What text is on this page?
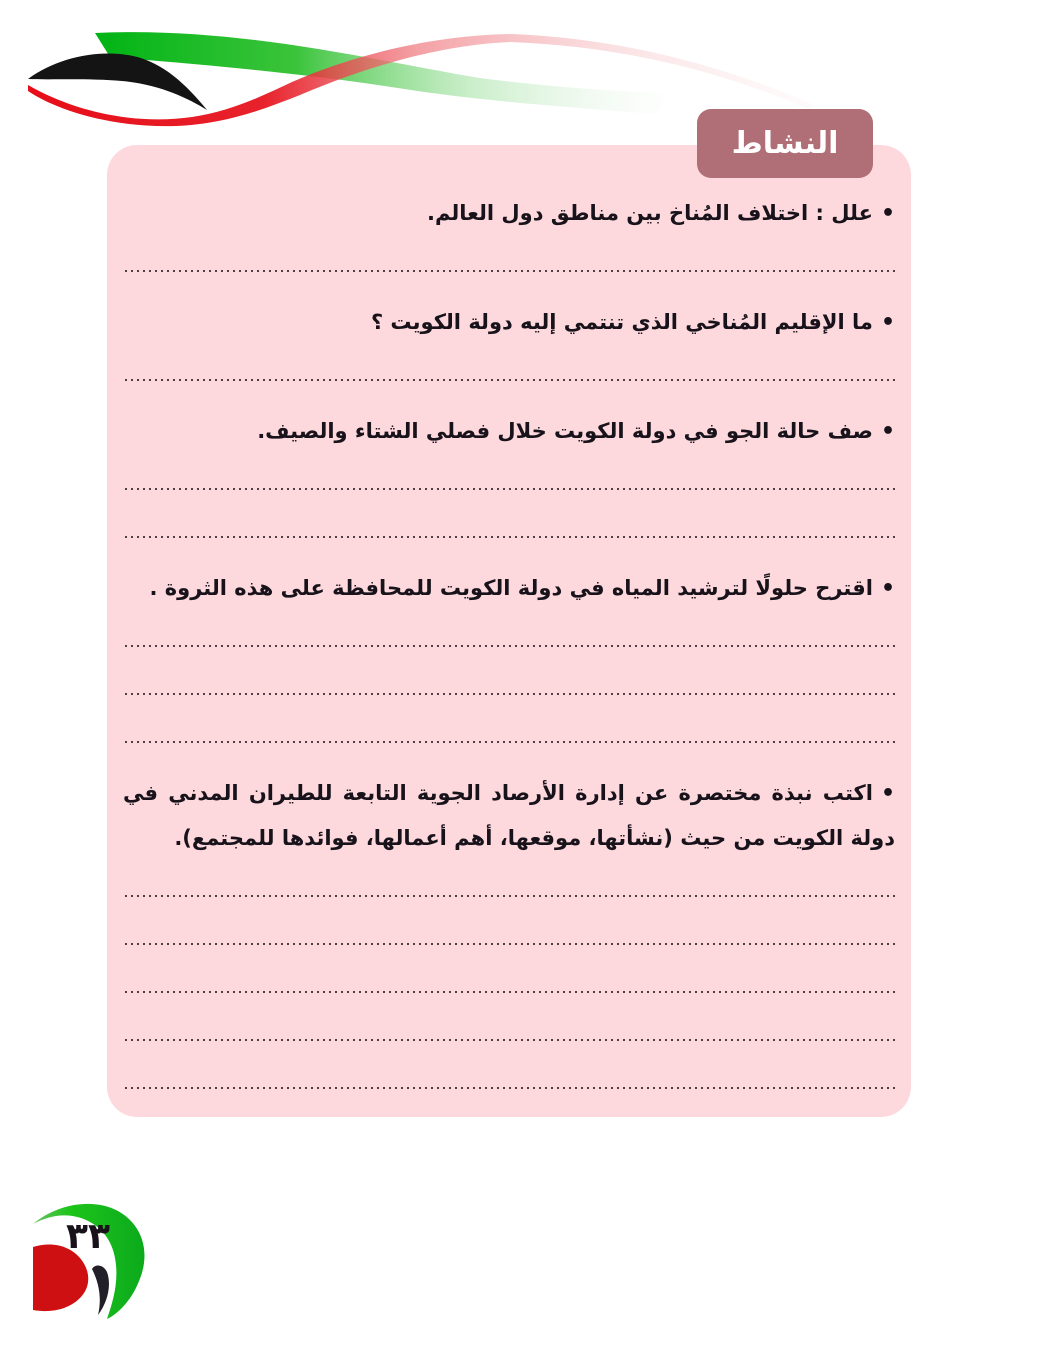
النشاط
•علل : اختلاف المُناخ بين مناطق دول العالم.
•ما الإقليم المُناخي الذي تنتمي إليه دولة الكويت ؟
•صف حالة الجو في دولة الكويت خلال فصلي الشتاء والصيف.
•اقترح حلولًا لترشيد المياه في دولة الكويت للمحافظة على هذه الثروة .
•اكتب نبذة مختصرة عن إدارة الأرصاد الجوية التابعة للطيران المدني في دولة الكويت من حيث (نشأتها، موقعها، أهم أعمالها، فوائدها للمجتمع).
٣٣
